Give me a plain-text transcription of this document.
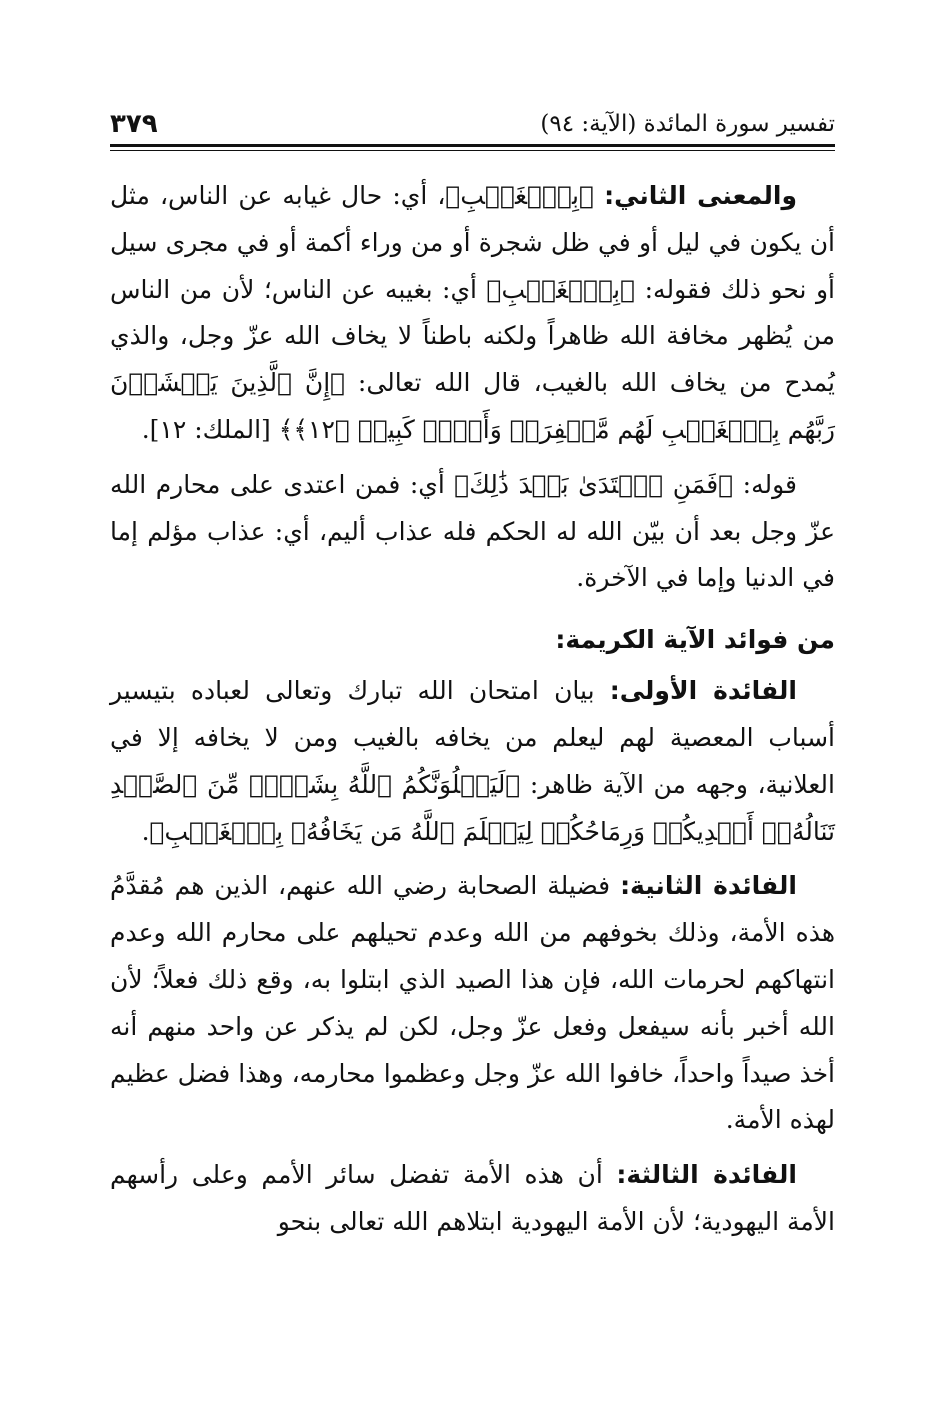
تفسير سورة المائدة (الآية: ٩٤)
٣٧٩

والمعنى الثاني: ﴿بِٱلۡغَيۡبِ﴾، أي: حال غيابه عن الناس، مثل أن يكون في ليل أو في ظل شجرة أو من وراء أكمة أو في مجرى سيل أو نحو ذلك فقوله: ﴿بِٱلۡغَيۡبِ﴾ أي: بغيبه عن الناس؛ لأن من الناس من يُظهر مخافة الله ظاهراً ولكنه باطناً لا يخاف الله عزّ وجل، والذي يُمدح من يخاف الله بالغيب، قال الله تعالى: ﴿إِنَّ ٱلَّذِينَ يَخۡشَوۡنَ رَبَّهُم بِٱلۡغَيۡبِ لَهُم مَّغۡفِرَةٞ وَأَجۡرٞ كَبِيرٞ ﴿١٢﴾﴾ [الملك: ١٢].

قوله: ﴿فَمَنِ ٱعۡتَدَىٰ بَعۡدَ ذَٰلِكَ﴾ أي: فمن اعتدى على محارم الله عزّ وجل بعد أن بيّن الله له الحكم فله عذاب أليم، أي: عذاب مؤلم إما في الدنيا وإما في الآخرة.

من فوائد الآية الكريمة:

الفائدة الأولى: بيان امتحان الله تبارك وتعالى لعباده بتيسير أسباب المعصية لهم ليعلم من يخافه بالغيب ومن لا يخافه إلا في العلانية، وجهه من الآية ظاهر: ﴿لَيَبۡلُوَنَّكُمُ ٱللَّهُ بِشَيۡءٖ مِّنَ ٱلصَّيۡدِ تَنَالُهُۥٓ أَيۡدِيكُمۡ وَرِمَاحُكُمۡ لِيَعۡلَمَ ٱللَّهُ مَن يَخَافُهُۥ بِٱلۡغَيۡبِ﴾.

الفائدة الثانية: فضيلة الصحابة رضي الله عنهم، الذين هم مُقدَّمُ هذه الأمة، وذلك بخوفهم من الله وعدم تحيلهم على محارم الله وعدم انتهاكهم لحرمات الله، فإن هذا الصيد الذي ابتلوا به، وقع ذلك فعلاً؛ لأن الله أخبر بأنه سيفعل وفعل عزّ وجل، لكن لم يذكر عن واحد منهم أنه أخذ صيداً واحداً، خافوا الله عزّ وجل وعظموا محارمه، وهذا فضل عظيم لهذه الأمة.

الفائدة الثالثة: أن هذه الأمة تفضل سائر الأمم وعلى رأسهم الأمة اليهودية؛ لأن الأمة اليهودية ابتلاهم الله تعالى بنحو
